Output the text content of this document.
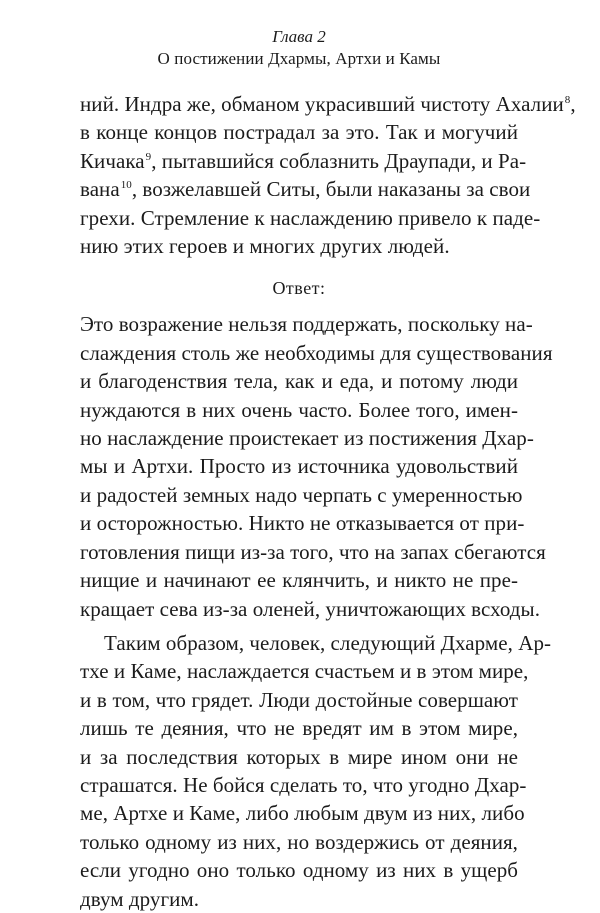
Глава 2
О постижении Дхармы, Артхи и Камы
ний. Индра же, обманом украсивший чистоту Ахалии$^8$,
в конце концов пострадал за это. Так и могучий
Кичака$^9$, пытавшийся соблазнить Драупади, и Ра-
вана$^{10}$, возжелавшей Ситы, были наказаны за свои
грехи. Стремление к наслаждению привело к паде-
нию этих героев и многих других людей.
Ответ:
Это возражение нельзя поддержать, поскольку на-
слаждения столь же необходимы для существования
и благоденствия тела, как и еда, и потому люди
нуждаются в них очень часто. Более того, имен-
но наслаждение проистекает из постижения Дхар-
мы и Артхи. Просто из источника удовольствий
и радостей земных надо черпать с умеренностью
и осторожностью. Никто не отказывается от при-
готовления пищи из-за того, что на запах сбегаются
нищие и начинают ее клянчить, и никто не пре-
кращает сева из-за оленей, уничтожающих всходы.
Таким образом, человек, следующий Дхарме, Ар-
тхе и Каме, наслаждается счастьем и в этом мире,
и в том, что грядет. Люди достойные совершают
лишь те деяния, что не вредят им в этом мире,
и за последствия которых в мире ином они не
страшатся. Не бойся сделать то, что угодно Дхар-
ме, Артхе и Каме, либо любым двум из них, либо
только одному из них, но воздержись от деяния,
если угодно оно только одному из них в ущерб
двум другим.
